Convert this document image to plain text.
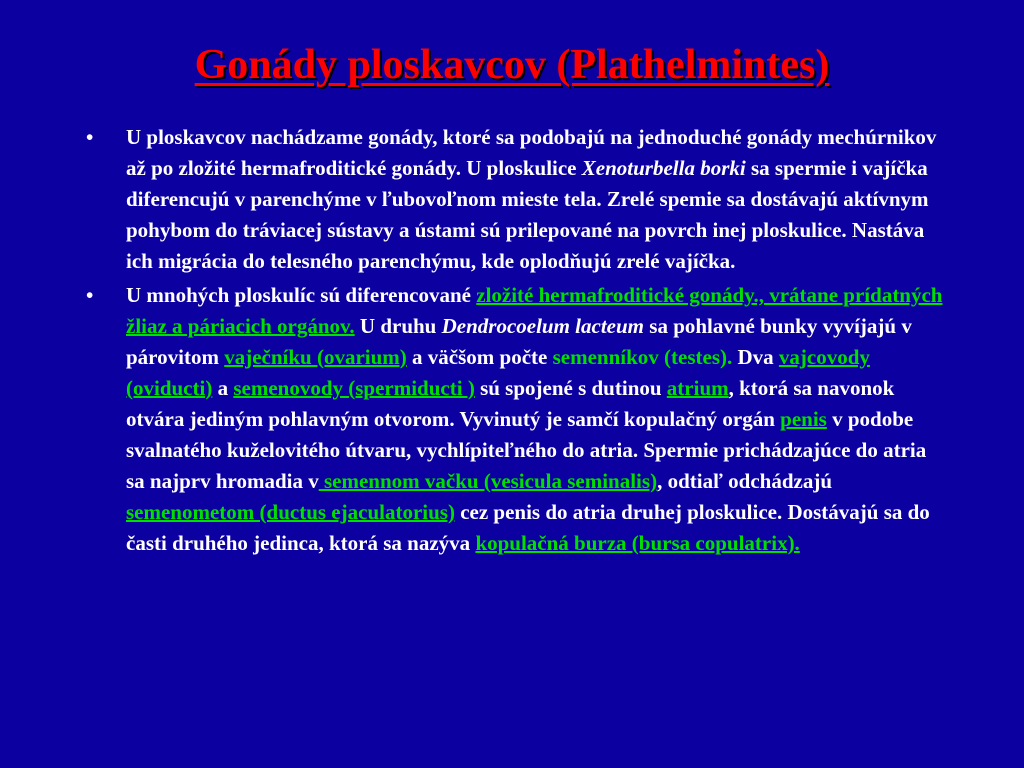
Gonády ploskavcov (Plathelmintes)
• U ploskavcov nachádzame gonády, ktoré sa podobajú na jednoduché gonády mechúrnikov až po zložité hermafroditické gonády. U ploskulice Xenoturbella borki sa spermie i vajíčka diferencujú v parenchýme v ľubovoľnom mieste tela. Zrelé spemie sa dostávajú aktívnym pohybom do tráviacej sústavy a ústami sú prilepované na povrch inej ploskulice. Nastáva ich migrácia do telesného parenchýmu, kde oplodňujú zrelé vajíčka.
• U mnohých ploskulíc sú diferencované zložité hermafroditické gonády., vrátane prídatných žliaz a páriacich orgánov. U druhu Dendrocoelum lacteum sa pohlavné bunky vyvíjajú v párovitom vaječníku (ovarium) a väčšom počte semenníkov (testes). Dva vajcovody (oviducti) a semenovody (spermiducti ) sú spojené s dutinou atrium, ktorá sa navonok otvára jediným pohlavným otvorom. Vyvinutý je samčí kopulačný orgán penis v podobe svalnatého kuželovitého útvaru, vychlípiteľného do atria. Spermie prichádzajúce do atria sa najprv hromadia v semennom vačku (vesicula seminalis), odtiaľ odchádzajú semenometom (ductus ejaculatorius) cez penis do atria druhej ploskulice. Dostávajú sa do časti druhého jedinca, ktorá sa nazýva kopulačná burza (bursa copulatrix).
